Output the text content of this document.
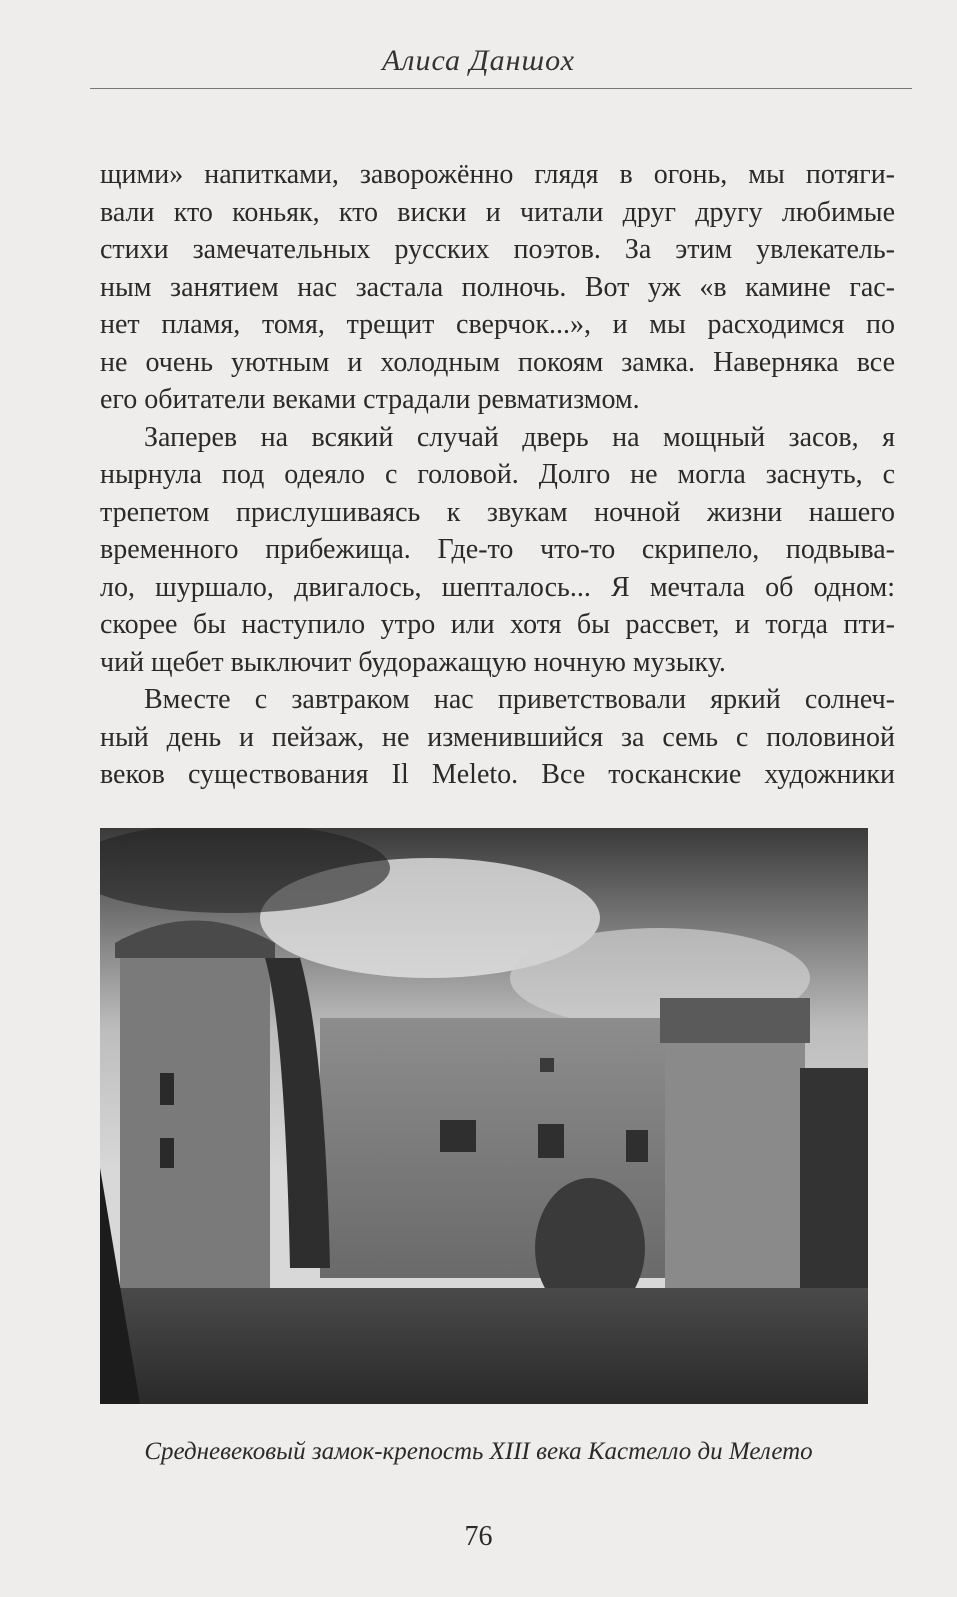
Алиса Даншох
щими» напитками, заворожённо глядя в огонь, мы потяги-
вали кто коньяк, кто виски и читали друг другу любимые
стихи замечательных русских поэтов. За этим увлекатель-
ным занятием нас застала полночь. Вот уж «в камине гас-
нет пламя, томя, трещит сверчок...», и мы расходимся по
не очень уютным и холодным покоям замка. Наверняка все
его обитатели веками страдали ревматизмом.
Заперев на всякий случай дверь на мощный засов, я
нырнула под одеяло с головой. Долго не могла заснуть, с
трепетом прислушиваясь к звукам ночной жизни нашего
временного прибежища. Где-то что-то скрипело, подвыва-
ло, шуршало, двигалось, шепталось... Я мечтала об одном:
скорее бы наступило утро или хотя бы рассвет, и тогда пти-
чий щебет выключит будоражащую ночную музыку.
Вместе с завтраком нас приветствовали яркий солнеч-
ный день и пейзаж, не изменившийся за семь с половиной
веков существования Il Meleto. Все тосканские художники
Средневековый замок-крепость XIII века Кастелло ди Мелето
76
